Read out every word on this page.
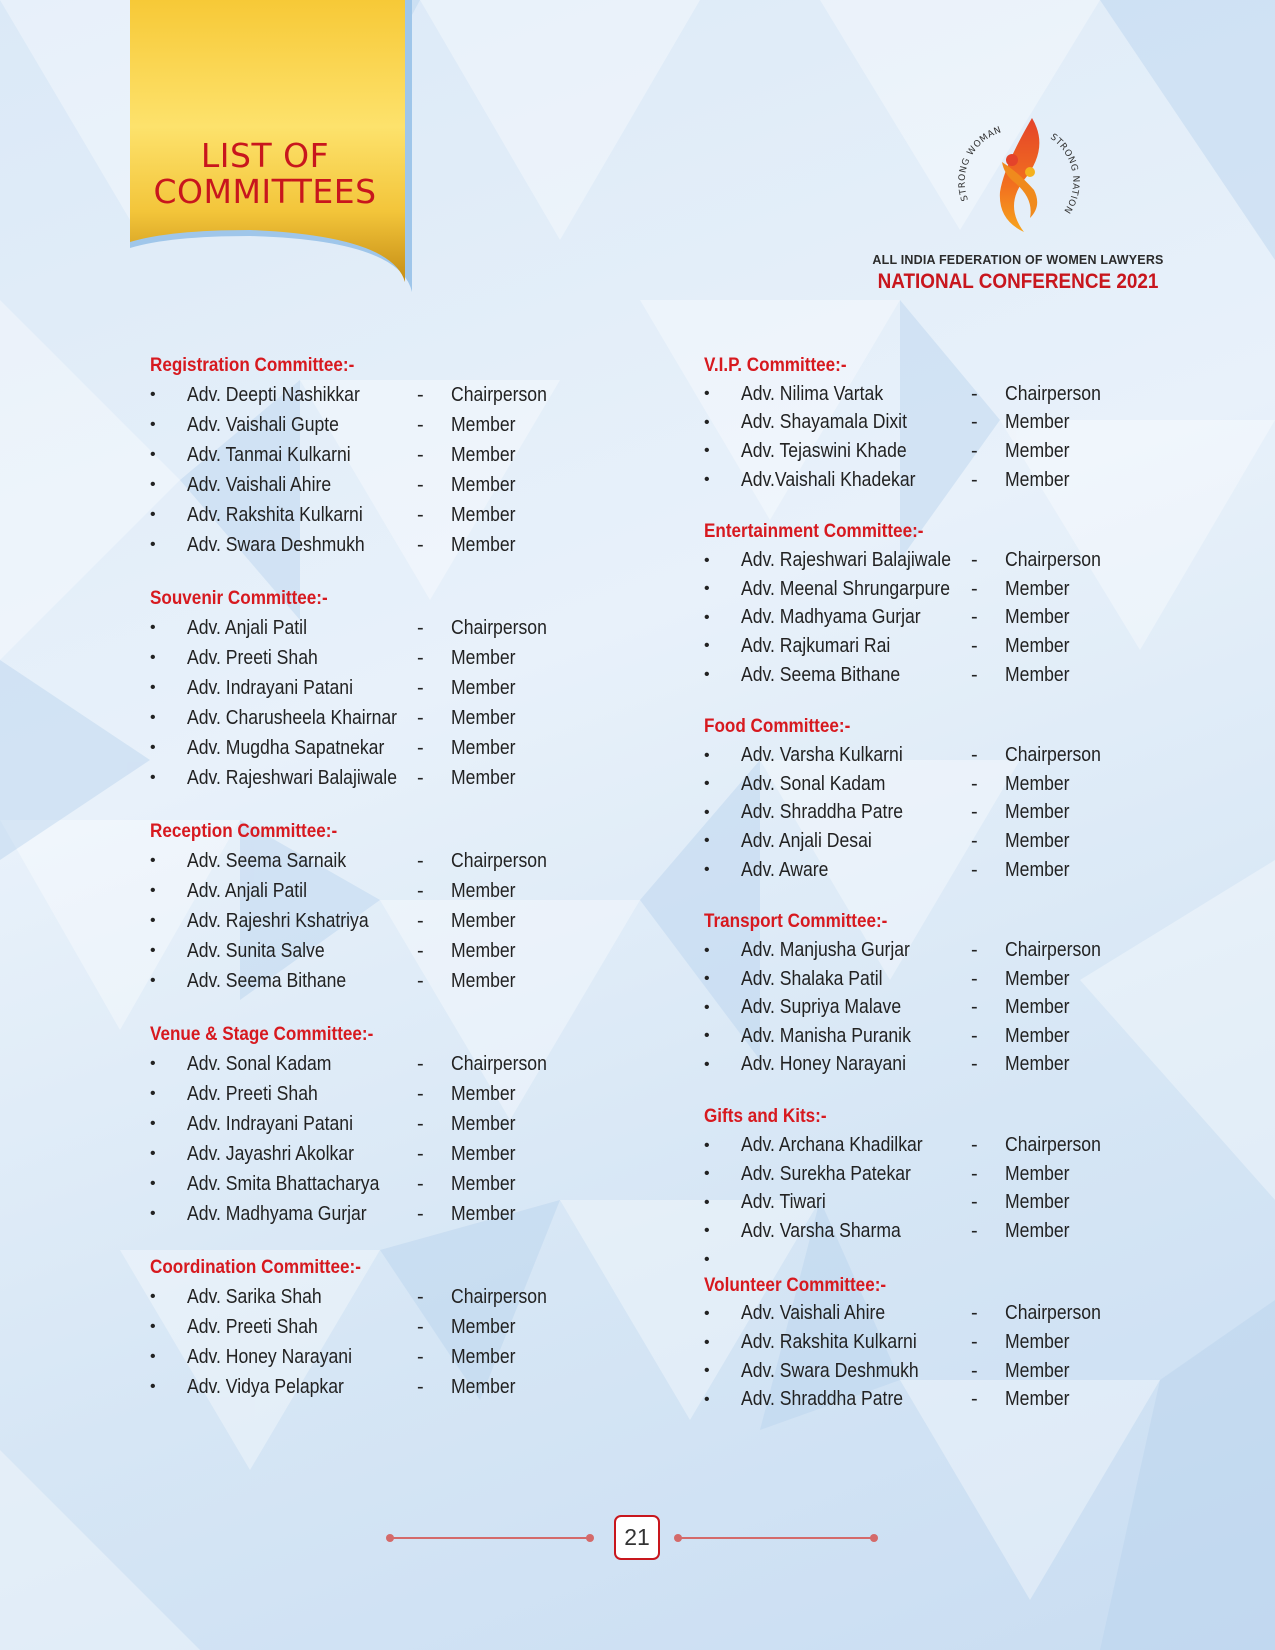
LIST OF
COMMITTEES	STRONG WOMAN
STRONG NATION
ALL INDIA FEDERATION OF WOMEN LAWYERS
NATIONAL CONFERENCE 2021
Registration Committee:-
•	Adv. Deepti Nashikkar	-	Chairperson
•	Adv. Vaishali Gupte	-	Member
•	Adv. Tanmai Kulkarni	-	Member
•	Adv. Vaishali Ahire	-	Member
•	Adv. Rakshita Kulkarni	-	Member
•	Adv. Swara Deshmukh	-	Member
Souvenir Committee:-
•	Adv. Anjali Patil	-	Chairperson
•	Adv. Preeti Shah	-	Member
•	Adv. Indrayani Patani	-	Member
•	Adv. Charusheela Khairnar -	Member
•	Adv. Mugdha Sapatnekar -	Member
•	Adv. Rajeshwari Balajiwale -	Member
Reception Committee:-
•	Adv. Seema Sarnaik	-	Chairperson
•	Adv. Anjali Patil	-	Member
•	Adv. Rajeshri Kshatriya	-	Member
•	Adv. Sunita Salve	-	Member
•	Adv. Seema Bithane	-	Member
Venue & Stage Committee:-
•	Adv. Sonal Kadam	-	Chairperson
•	Adv. Preeti Shah	-	Member
•	Adv. Indrayani Patani	-	Member
•	Adv. Jayashri Akolkar	-	Member
•	Adv. Smita Bhattacharya	-	Member
•	Adv. Madhyama Gurjar	-	Member
Coordination Committee:-
•	Adv. Sarika Shah	-	Chairperson
•	Adv. Preeti Shah	-	Member
•	Adv. Honey Narayani	-	Member
•	Adv. Vidya Pelapkar	-	Member
V.I.P. Committee:-
•	Adv. Nilima Vartak	-	Chairperson
•	Adv. Shayamala Dixit	-	Member
•	Adv. Tejaswini Khade	-	Member
•	Adv.Vaishali Khadekar	-	Member
Entertainment Committee:-
•	Adv. Rajeshwari Balajiwale -	Chairperson
•	Adv. Meenal Shrungarpure -	Member
•	Adv. Madhyama Gurjar	-	Member
•	Adv. Rajkumari Rai	-	Member
•	Adv. Seema Bithane	-	Member
Food Committee:-
•	Adv. Varsha Kulkarni	-	Chairperson
•	Adv. Sonal Kadam	-	Member
•	Adv. Shraddha Patre	-	Member
•	Adv. Anjali Desai	-	Member
•	Adv. Aware	-	Member
Transport Committee:-
•	Adv. Manjusha Gurjar	-	Chairperson
•	Adv. Shalaka Patil	-	Member
•	Adv. Supriya Malave	-	Member
•	Adv. Manisha Puranik	-	Member
•	Adv. Honey Narayani	-	Member
Gifts and Kits:-
•	Adv. Archana Khadilkar	-	Chairperson
•	Adv. Surekha Patekar	-	Member
•	Adv. Tiwari	-	Member
•	Adv. Varsha Sharma	-	Member
•
Volunteer Committee:-
•	Adv. Vaishali Ahire	-	Chairperson
•	Adv. Rakshita Kulkarni	-	Member
•	Adv. Swara Deshmukh	-	Member
•	Adv. Shraddha Patre	-	Member
21
